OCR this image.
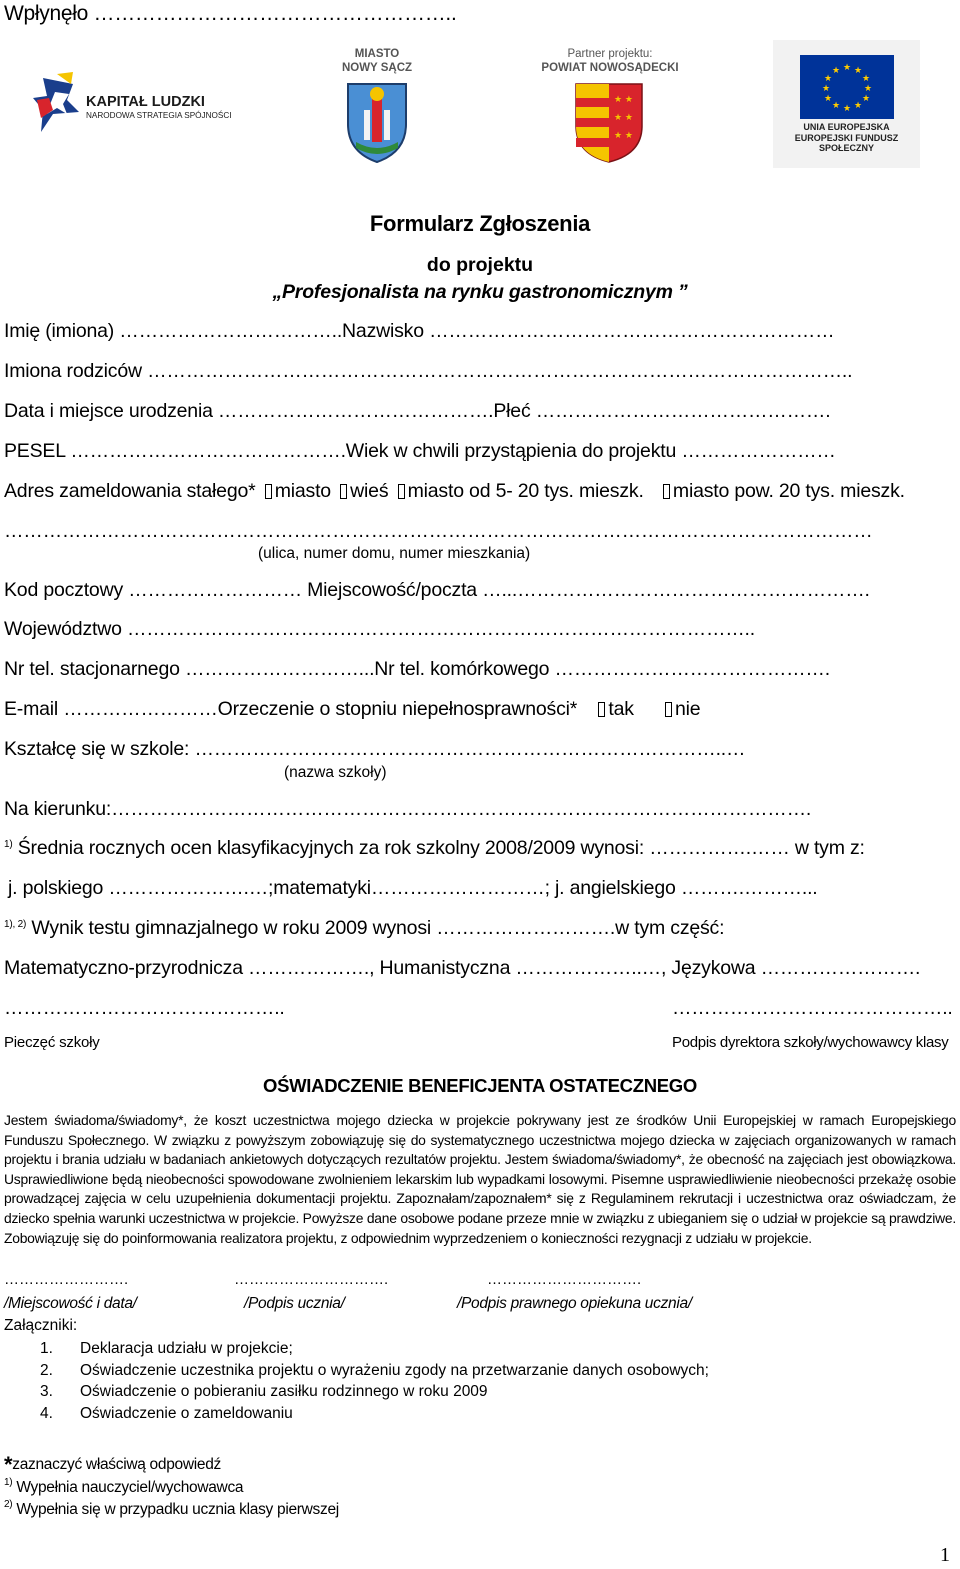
Wpłynęło ……………………………………………..
KAPITAŁ LUDZKI
NARODOWA STRATEGIA SPÓJNOŚCI
MIASTO
NOWY SĄCZ
Partner projektu:
POWIAT NOWOSĄDECKI
★ ★
★ ★
★ ★
★ ★
★
★
★
★
★
★
★
★
★
★
UNIA EUROPEJSKA
EUROPEJSKI FUNDUSZ
SPOŁECZNY
Formularz Zgłoszenia
do projektu
„Profesjonalista na rynku gastronomicznym ”
Imię (imiona) ……………………………..Nazwisko ………………………………………………………
Imiona rodziców ………………………………………………………………………………………………..
Data i miejsce urodzenia …………………………………….Płeć ……………………………………….
PESEL …………………………………….Wiek w chwili przystąpienia do projektu ……………………
Adres zameldowania stałego* miasto wieś miasto od 5- 20 tys. mieszk. miasto pow. 20 tys. mieszk.
………………………………………………………………………………………………………………………
(ulica, numer domu, numer mieszkania)
Kod pocztowy ……………………… Miejscowość/poczta …...……………………………………………….
Województwo ……………………………………………………………………………………..
Nr tel. stacjonarnego ………………………...Nr tel. komórkowego …………………………………….
E-mail ……………………Orzeczenie o stopniu niepełnosprawności* tak nie
Kształcę się w szkole: ………………………………………………………………………..…
(nazwa szkoły)
Na kierunku:……………………………………………………………………………………………….
$^{1)}$ Średnia rocznych ocen klasyfikacyjnych za rok szkolny 2008/2009 wynosi: …………….…… w tym z:
j. polskiego ………………….…;matematyki………………………; j. angielskiego ……….………...
$^{1), 2)}$ Wynik testu gimnazjalnego w roku 2009 wynosi ……………………….w tym część:
Matematyczno-przyrodnicza ………………., Humanistyczna ………………..…, Językowa …………………….
……………………………………..	……………………………………..
Pieczęć szkoły	Podpis dyrektora szkoły/wychowawcy klasy
OŚWIADCZENIE BENEFICJENTA OSTATECZNEGO
Jestem świadoma/świadomy*, że koszt uczestnictwa mojego dziecka w projekcie pokrywany jest ze środków Unii Europejskiej w ramach Europejskiego Funduszu Społecznego. W związku z powyższym zobowiązuję się do systematycznego uczestnictwa mojego dziecka w zajęciach organizowanych w ramach projektu i brania udziału w badaniach ankietowych dotyczących rezultatów projektu. Jestem świadoma/świadomy*, że obecność na zajęciach jest obowiązkowa. Usprawiedliwione będą nieobecności spowodowane zwolnieniem lekarskim lub wypadkami losowymi. Pisemne usprawiedliwienie nieobecności przekażę osobie prowadzącej zajęcia w celu uzupełnienia dokumentacji projektu. Zapoznałam/zapoznałem* się z Regulaminem rekrutacji i uczestnictwa oraz oświadczam, że dziecko spełnia warunki uczestnictwa w projekcie. Powyższe dane osobowe podane przeze mnie w związku z ubieganiem się o udział w projekcie są prawdziwe. Zobowiązuję się do poinformowania realizatora projektu, z odpowiednim wyprzedzeniem o konieczności rezygnacji z udziału w projekcie.
…………………….	………………………….	………………………….
/Miejscowość i data/	/Podpis ucznia/	/Podpis prawnego opiekuna ucznia/
Załączniki:
1. Deklaracja udziału w projekcie;
2. Oświadczenie uczestnika projektu o wyrażeniu zgody na przetwarzanie danych osobowych;
3. Oświadczenie o pobieraniu zasiłku rodzinnego w roku 2009
4. Oświadczenie o zameldowaniu
*zaznaczyć właściwą odpowiedź
$^{1)}$ Wypełnia nauczyciel/wychowawca
$^{2)}$ Wypełnia się w przypadku ucznia klasy pierwszej
1
